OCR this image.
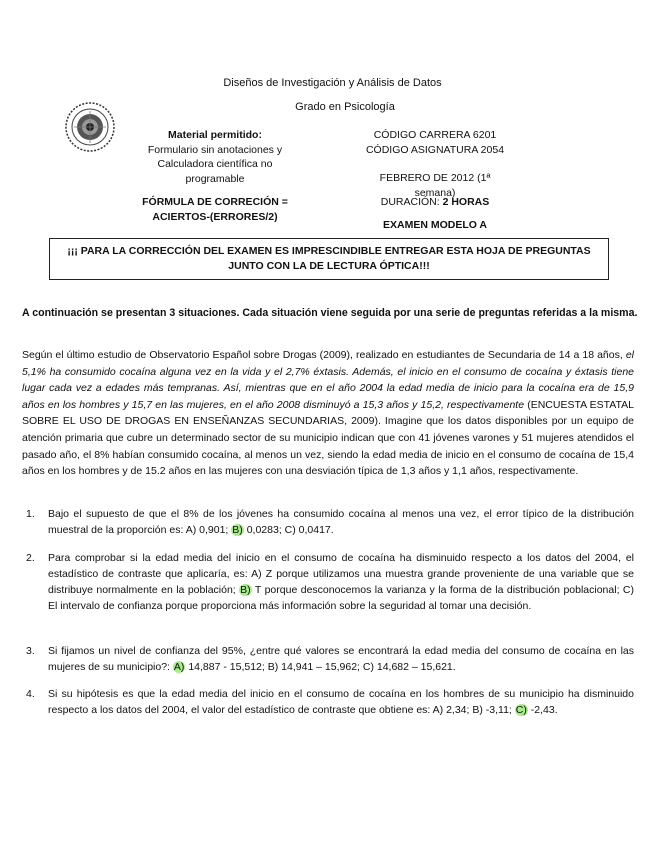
Diseños de Investigación y Análisis de Datos
Grado en Psicología
Material permitido:
Formulario sin anotaciones y Calculadora científica no programable
CÓDIGO CARRERA 6201
CÓDIGO ASIGNATURA 2054
FEBRERO DE 2012 (1ª semana)
FÓRMULA DE CORRECIÓN = ACIERTOS-(ERRORES/2)
DURACIÓN: 2 HORAS
EXAMEN MODELO A
¡¡¡ PARA LA CORRECCIÓN DEL EXAMEN ES IMPRESCINDIBLE ENTREGAR ESTA HOJA DE PREGUNTAS JUNTO CON LA DE LECTURA ÓPTICA!!!
A continuación se presentan 3 situaciones. Cada situación viene seguida por una serie de preguntas referidas a la misma.
Según el último estudio de Observatorio Español sobre Drogas (2009), realizado en estudiantes de Secundaria de 14 a 18 años, el 5,1% ha consumido cocaína alguna vez en la vida y el 2,7% éxtasis. Además, el inicio en el consumo de cocaína y éxtasis tiene lugar cada vez a edades más tempranas. Así, mientras que en el año 2004 la edad media de inicio para la cocaína era de 15,9 años en los hombres y 15,7 en las mujeres, en el año 2008 disminuyó a 15,3 años y 15,2, respectivamente (ENCUESTA ESTATAL SOBRE EL USO DE DROGAS EN ENSEÑANZAS SECUNDARIAS, 2009). Imagine que los datos disponibles por un equipo de atención primaria que cubre un determinado sector de su municipio indican que con 41 jóvenes varones y 51 mujeres atendidos el pasado año, el 8% habían consumido cocaína, al menos un vez, siendo la edad media de inicio en el consumo de cocaína de 15,4 años en los hombres y de 15.2 años en las mujeres con una desviación típica de 1,3 años y 1,1 años, respectivamente.
1. Bajo el supuesto de que el 8% de los jóvenes ha consumido cocaína al menos una vez, el error típico de la distribución muestral de la proporción es: A) 0,901; B) 0,0283; C) 0,0417.
2. Para comprobar si la edad media del inicio en el consumo de cocaína ha disminuido respecto a los datos del 2004, el estadístico de contraste que aplicaría, es: A) Z porque utilizamos una muestra grande proveniente de una variable que se distribuye normalmente en la población; B) T porque desconocemos la varianza y la forma de la distribución poblacional; C) El intervalo de confianza porque proporciona más información sobre la seguridad al tomar una decisión.
3. Si fijamos un nivel de confianza del 95%, ¿entre qué valores se encontrará la edad media del consumo de cocaína en las mujeres de su municipio?: A) 14,887 - 15,512; B) 14,941 – 15,962; C) 14,682 – 15,621.
4. Si su hipótesis es que la edad media del inicio en el consumo de cocaína en los hombres de su municipio ha disminuido respecto a los datos del 2004, el valor del estadístico de contraste que obtiene es: A) 2,34; B) -3,11; C) -2,43.
